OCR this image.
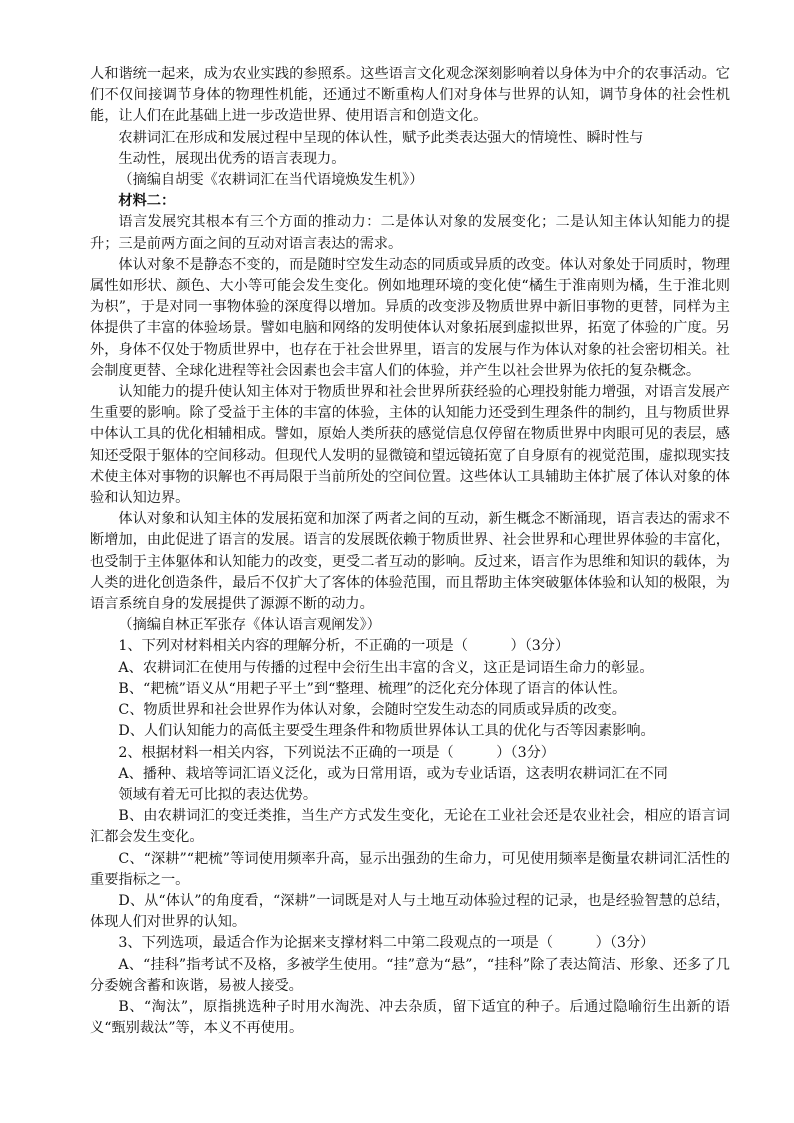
人和谐统一起来，成为农业实践的参照系。这些语言文化观念深刻影响着以身体为中介的农事活动。它们不仅间接调节身体的物理性机能，还通过不断重构人们对身体与世界的认知，调节身体的社会性机能，让人们在此基础上进一步改造世界、使用语言和创造文化。

农耕词汇在形成和发展过程中呈现的体认性，赋予此类表达强大的情境性、瞬时性与

生动性，展现出优秀的语言表现力。

（摘编自胡雯《农耕词汇在当代语境焕发生机》）

材料二：

语言发展究其根本有三个方面的推动力：二是体认对象的发展变化；二是认知主体认知能力的提升；三是前两方面之间的互动对语言表达的需求。

体认对象不是静态不变的，而是随时空发生动态的同质或异质的改变。体认对象处于同质时，物理属性如形状、颜色、大小等可能会发生变化。例如地理环境的变化使“橘生于淮南则为橘，生于淮北则为枳”，于是对同一事物体验的深度得以增加。异质的改变涉及物质世界中新旧事物的更替，同样为主体提供了丰富的体验场景。譬如电脑和网络的发明使体认对象拓展到虚拟世界，拓宽了体验的广度。另外，身体不仅处于物质世界中，也存在于社会世界里，语言的发展与作为体认对象的社会密切相关。社会制度更替、全球化进程等社会因素也会丰富人们的体验，并产生以社会世界为依托的复杂概念。

认知能力的提升使认知主体对于物质世界和社会世界所获经验的心理投射能力增强，对语言发展产生重要的影响。除了受益于主体的丰富的体验，主体的认知能力还受到生理条件的制约，且与物质世界中体认工具的优化相辅相成。譬如，原始人类所获的感觉信息仅停留在物质世界中肉眼可见的表层，感知还受限于躯体的空间移动。但现代人发明的显微镜和望远镜拓宽了自身原有的视觉范围，虚拟现实技术使主体对事物的识解也不再局限于当前所处的空间位置。这些体认工具辅助主体扩展了体认对象的体验和认知边界。

体认对象和认知主体的发展拓宽和加深了两者之间的互动，新生概念不断涌现，语言表达的需求不断增加，由此促进了语言的发展。语言的发展既依赖于物质世界、社会世界和心理世界体验的丰富化，也受制于主体躯体和认知能力的改变，更受二者互动的影响。反过来，语言作为思维和知识的载体，为人类的进化创造条件，最后不仅扩大了客体的体验范围，而且帮助主体突破躯体体验和认知的极限，为语言系统自身的发展提供了源源不断的动力。

（摘编自林正军张存《体认语言观阐发》）

1、下列对材料相关内容的理解分析，不正确的一项是（　　　）（3分）

A、农耕词汇在使用与传播的过程中会衍生出丰富的含义，这正是词语生命力的彰显。

B、“耙梳”语义从“用耙子平土”到“整理、梳理”的泛化充分体现了语言的体认性。

C、物质世界和社会世界作为体认对象，会随时空发生动态的同质或异质的改变。

D、人们认知能力的高低主要受生理条件和物质世界体认工具的优化与否等因素影响。

2、根据材料一相关内容，下列说法不正确的一项是（　　　）（3分）

A、播种、栽培等词汇语义泛化，或为日常用语，或为专业话语，这表明农耕词汇在不同

领域有着无可比拟的表达优势。

B、由农耕词汇的变迁类推，当生产方式发生变化，无论在工业社会还是农业社会，相应的语言词汇都会发生变化。

C、“深耕”“耙梳”等词使用频率升高，显示出强劲的生命力，可见使用频率是衡量农耕词汇活性的重要指标之一。

D、从“体认”的角度看，“深耕”一词既是对人与土地互动体验过程的记录，也是经验智慧的总结，体现人们对世界的认知。

3、下列选项，最适合作为论据来支撑材料二中第二段观点的一项是（　　　）（3分）

A、“挂科”指考试不及格，多被学生使用。“挂”意为“悬”，“挂科”除了表达简洁、形象、还多了几分委婉含蓄和诙谐，易被人接受。

B、“淘汰”，原指挑选种子时用水淘洗、冲去杂质，留下适宜的种子。后通过隐喻衍生出新的语义“甄别裁汰”等，本义不再使用。
